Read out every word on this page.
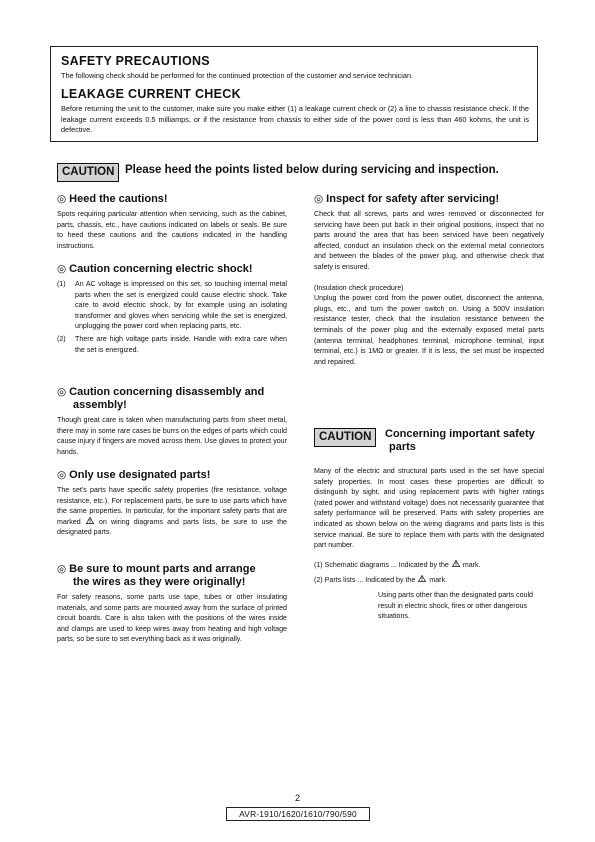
SAFETY PRECAUTIONS

The following check should be performed for the continued protection of the customer and service technician.

LEAKAGE CURRENT CHECK

Before returning the unit to the customer, make sure you make either (1) a leakage current check or (2) a line to chassis resistance check. If the leakage current exceeds 0.5 milliamps, or if the resistance from chassis to either side of the power cord is less than 460 kohms, the unit is defective.

CAUTION Please heed the points listed below during servicing and inspection.
◎ Heed the cautions!

Spots requiring particular attention when servicing, such as the cabinet, parts, chassis, etc., have cautions indicated on labels or seals. Be sure to heed these cautions and the cautions indicated in the handling instructions.

◎ Caution concerning electric shock!
(1) An AC voltage is impressed on this set, so touching internal metal parts when the set is energized could cause electric shock. Take care to avoid electric shock, by for example using an isolating transformer and gloves when servicing while the set is energized, unplugging the power cord when replacing parts, etc.
(2) There are high voltage parts inside. Handle with extra care when the set is energized.
◎ Caution concerning disassembly and
assembly!

Though great care is taken when manufacturing parts from sheet metal, there may in some rare cases be burrs on the edges of parts which could cause injury if fingers are moved across them. Use gloves to protect your hands.

◎ Only use designated parts!

The set's parts have specific safety properties (fire resistance, voltage resistance, etc.). For replacement parts, be sure to use parts which have the same properties. In particular, for the important safety parts that are marked	on wiring diagrams and parts lists, be sure to use the designated parts.

◎ Be sure to mount parts and arrange
the wires as they were originally!

For safety reasons, some parts use tape, tubes or other insulating materials, and some parts are mounted away from the surface of printed circuit boards. Care is also taken with the positions of the wires inside and clamps are used to keep wires away from heating and high voltage parts, so be sure to set everything back as it was originally.

◎ Inspect for safety after servicing!

Check that all screws, parts and wires removed or disconnected for servicing have been put back in their original positions, inspect that no parts around the area that has been serviced have been negatively affected, conduct an insulation check on the external metal connectors and between the blades of the power plug, and otherwise check that safety is ensured.

(Insulation check procedure)

Unplug the power cord from the power outlet, disconnect the antenna, plugs, etc., and turn the power switch on. Using a 500V insulation resistance tester, check that the insulation resistance between the terminals of the power plug and the externally exposed metal parts (antenna terminal, headphones terminal, microphone terminal, input terminal, etc.) is 1MΩ or greater. If it is less, the set must be inspected and repaired.

CAUTION	Concerning important safety
parts

Many of the electric and structural parts used in the set have special safety properties. In most cases these properties are difficult to distinguish by sight, and using replacement parts with higher ratings (rated power and withstand voltage) does not necessarily guarantee that safety performance will be preserved. Parts with safety properties are indicated as shown below on the wiring diagrams and parts lists is this service manual. Be sure to replace them with parts with the designated part number.

(1) Schematic diagrams ... Indicated by the mark.

(2) Parts lists ... Indicated by the mark.

Using parts other than the designated parts could result in electric shock, fires or other dangerous situations.

2
AVR-1910/1620/1610/790/590
